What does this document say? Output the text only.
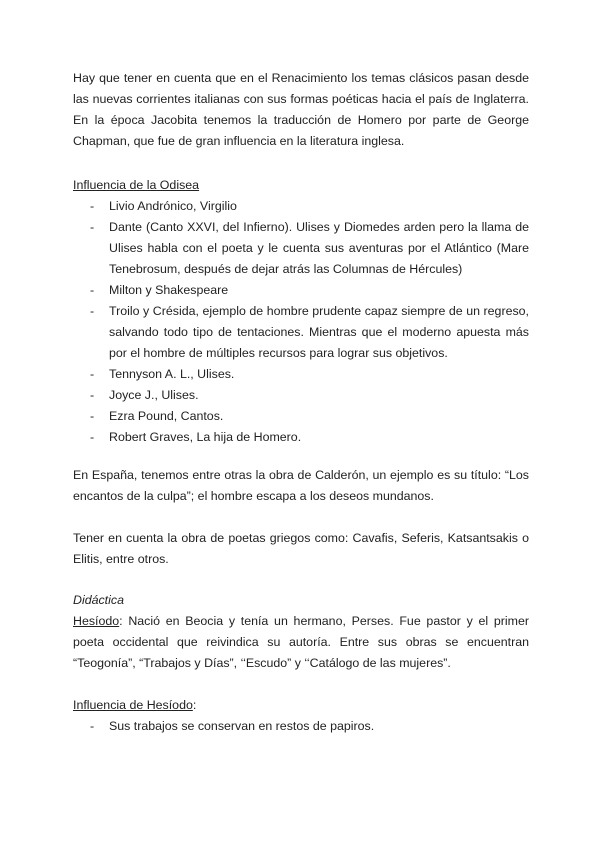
Hay que tener en cuenta que en el Renacimiento los temas clásicos pasan desde las nuevas corrientes italianas con sus formas poéticas hacia el país de Inglaterra. En la época Jacobita tenemos la traducción de Homero por parte de George Chapman, que fue de gran influencia en la literatura inglesa.

Influencia de la Odisea

- Livio Andrónico, Virgilio
- Dante (Canto XXVI, del Infierno). Ulises y Diomedes arden pero la llama de Ulises habla con el poeta y le cuenta sus aventuras por el Atlántico (Mare Tenebrosum, después de dejar atrás las Columnas de Hércules)
- Milton y Shakespeare
- Troilo y Crésida, ejemplo de hombre prudente capaz siempre de un regreso, salvando todo tipo de tentaciones. Mientras que el moderno apuesta más por el hombre de múltiples recursos para lograr sus objetivos.
- Tennyson A. L., Ulises.
- Joyce J., Ulises.
- Ezra Pound, Cantos.
- Robert Graves, La hija de Homero.

En España, tenemos entre otras la obra de Calderón, un ejemplo es su título: “Los encantos de la culpa”; el hombre escapa a los deseos mundanos.

Tener en cuenta la obra de poetas griegos como: Cavafis, Seferis, Katsantsakis o Elitis, entre otros.

Didáctica

Hesíodo: Nació en Beocia y tenía un hermano, Perses. Fue pastor y el primer poeta occidental que reivindica su autoría. Entre sus obras se encuentran “Teogonía”, “Trabajos y Días”, ‘‘Escudo” y ‘‘Catálogo de las mujeres”.

Influencia de Hesíodo:

- Sus trabajos se conservan en restos de papiros.
